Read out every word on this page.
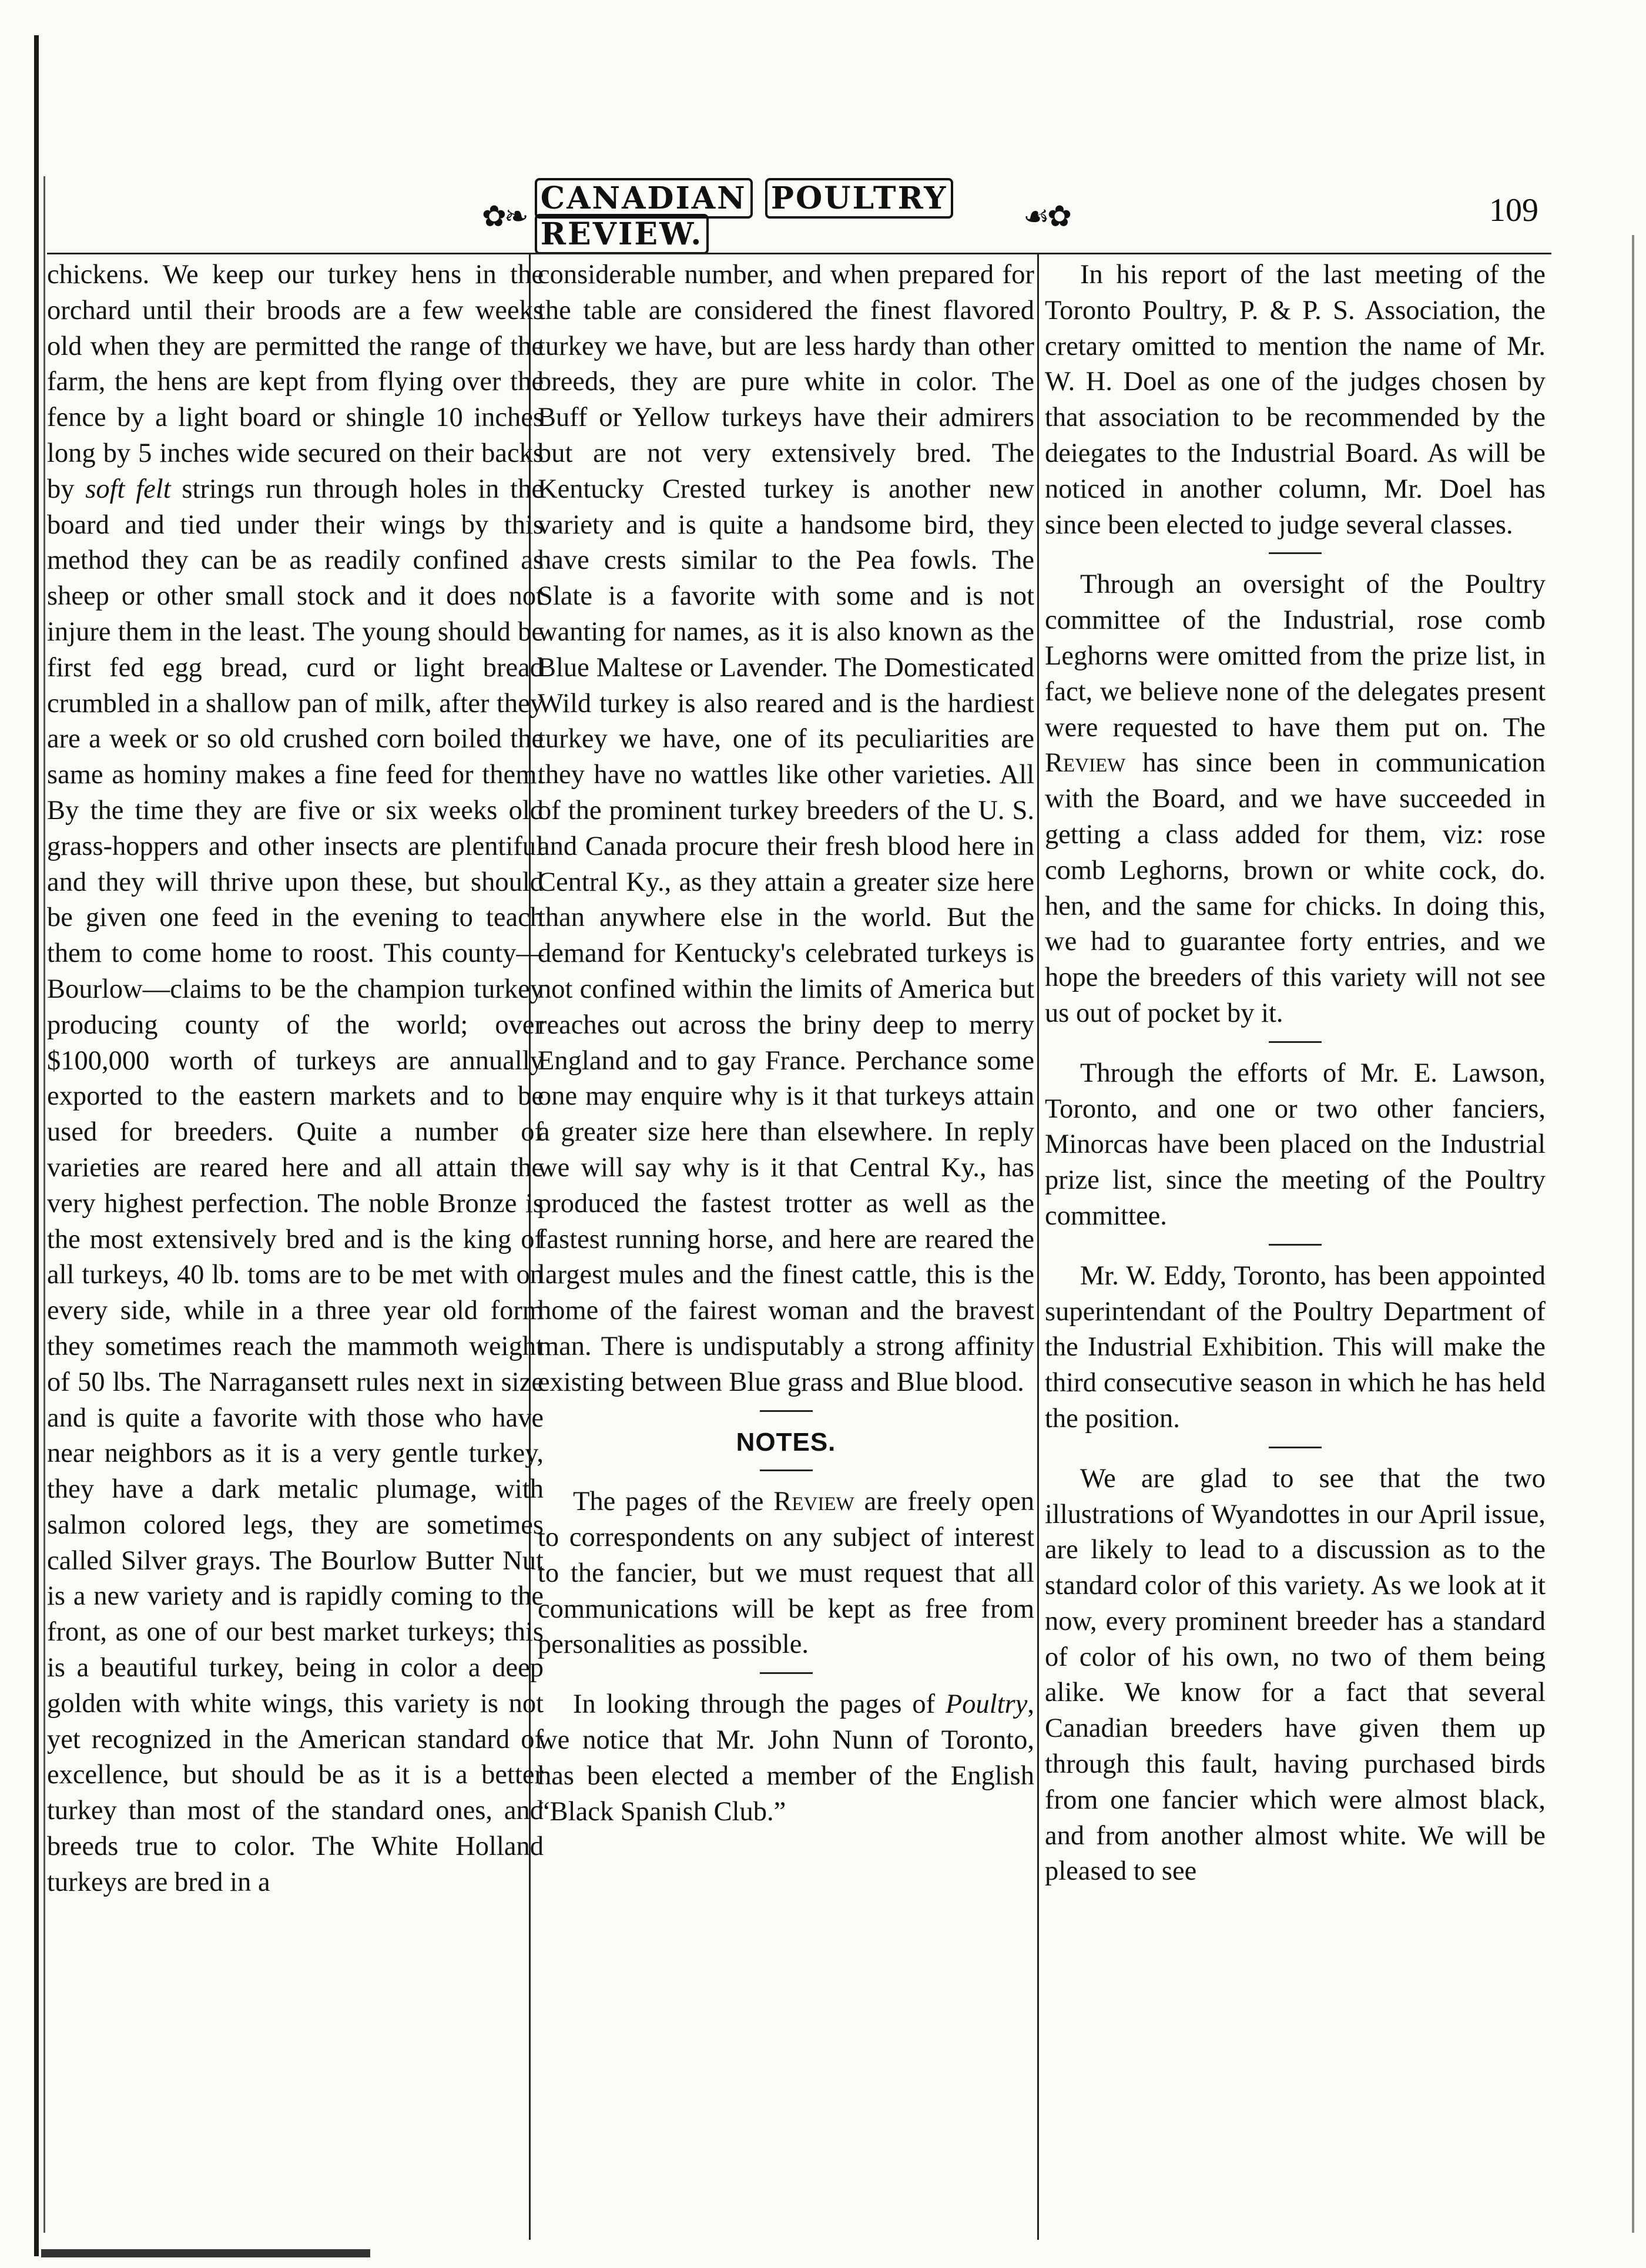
✿❧ CANADIAN POULTRY REVIEW.	☙✿	109

chickens. We keep our turkey hens in the orchard until their broods are a few weeks old when they are permitted the range of the farm, the hens are kept from flying over the fence by a light board or shingle 10 inches long by 5 inches wide secured on their backs by soft felt strings run through holes in the board and tied under their wings by this method they can be as readily confined as sheep or other small stock and it does not injure them in the least. The young should be first fed egg bread, curd or light bread crumbled in a shallow pan of milk, after they are a week or so old crushed corn boiled the same as hominy makes a fine feed for them. By the time they are five or six weeks old grass-hoppers and other insects are plentiful and they will thrive upon these, but should be given one feed in the evening to teach them to come home to roost. This county—Bourlow—claims to be the champion turkey producing county of the world; over $100,000 worth of turkeys are annually exported to the eastern markets and to be used for breeders. Quite a number of varieties are reared here and all attain the very highest perfection. The noble Bronze is the most extensively bred and is the king of all turkeys, 40 lb. toms are to be met with on every side, while in a three year old form they sometimes reach the mammoth weight of 50 lbs. The Narragansett rules next in size and is quite a favorite with those who have near neighbors as it is a very gentle turkey, they have a dark metalic plumage, with salmon colored legs, they are sometimes called Silver grays. The Bourlow Butter Nut is a new variety and is rapidly coming to the front, as one of our best market turkeys; this is a beautiful turkey, being in color a deep golden with white wings, this variety is not yet recognized in the American standard of excellence, but should be as it is a better turkey than most of the standard ones, and breeds true to color. The White Holland turkeys are bred in a

considerable number, and when prepared for the table are considered the finest flavored turkey we have, but are less hardy than other breeds, they are pure white in color. The Buff or Yellow turkeys have their admirers but are not very extensively bred. The Kentucky Crested turkey is another new variety and is quite a handsome bird, they have crests similar to the Pea fowls. The Slate is a favorite with some and is not wanting for names, as it is also known as the Blue Maltese or Lavender. The Domesticated Wild turkey is also reared and is the hardiest turkey we have, one of its peculiarities are they have no wattles like other varieties. All of the prominent turkey breeders of the U. S. and Canada procure their fresh blood here in Central Ky., as they attain a greater size here than anywhere else in the world. But the demand for Kentucky's celebrated turkeys is not confined within the limits of America but reaches out across the briny deep to merry England and to gay France. Perchance some one may enquire why is it that turkeys attain a greater size here than elsewhere. In reply we will say why is it that Central Ky., has produced the fastest trotter as well as the fastest running horse, and here are reared the largest mules and the finest cattle, this is the home of the fairest woman and the bravest man. There is undisputably a strong affinity existing between Blue grass and Blue blood.

NOTES.

The pages of the Review are freely open to correspondents on any subject of interest to the fancier, but we must request that all communications will be kept as free from personalities as possible.

In looking through the pages of Poultry, we notice that Mr. John Nunn of Toronto, has been elected a member of the English “Black Spanish Club.”

In his report of the last meeting of the Toronto Poultry, P. & P. S. Association, the cretary omitted to mention the name of Mr. W. H. Doel as one of the judges chosen by that association to be recommended by the deiegates to the Industrial Board. As will be noticed in another column, Mr. Doel has since been elected to judge several classes.

Through an oversight of the Poultry committee of the Industrial, rose comb Leghorns were omitted from the prize list, in fact, we believe none of the delegates present were requested to have them put on. The Review has since been in communication with the Board, and we have succeeded in getting a class added for them, viz: rose comb Leghorns, brown or white cock, do. hen, and the same for chicks. In doing this, we had to guarantee forty entries, and we hope the breeders of this variety will not see us out of pocket by it.

Through the efforts of Mr. E. Lawson, Toronto, and one or two other fanciers, Minorcas have been placed on the Industrial prize list, since the meeting of the Poultry committee.

Mr. W. Eddy, Toronto, has been appointed superintendant of the Poultry Department of the Industrial Exhibition. This will make the third consecutive season in which he has held the position.

We are glad to see that the two illustrations of Wyandottes in our April issue, are likely to lead to a discussion as to the standard color of this variety. As we look at it now, every prominent breeder has a standard of color of his own, no two of them being alike. We know for a fact that several Canadian breeders have given them up through this fault, having purchased birds from one fancier which were almost black, and from another almost white. We will be pleased to see
